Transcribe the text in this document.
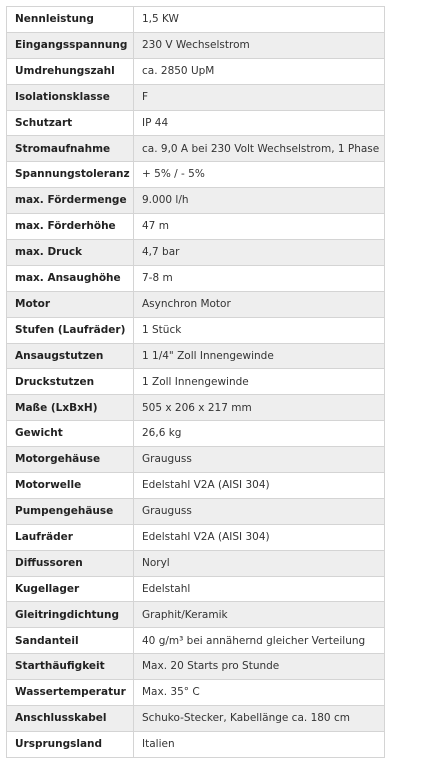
Nennleistung	1,5 KW
Eingangsspannung	230 V Wechselstrom
Umdrehungszahl	ca. 2850 UpM
Isolationsklasse	F
Schutzart	IP 44
Stromaufnahme	ca. 9,0 A bei 230 Volt Wechselstrom, 1 Phase
Spannungstoleranz	+ 5% / - 5%
max. Fördermenge	9.000 l/h
max. Förderhöhe	47 m
max. Druck	4,7 bar
max. Ansaughöhe	7-8 m
Motor	Asynchron Motor
Stufen (Laufräder)	1 Stück
Ansaugstutzen	1 1/4" Zoll Innengewinde
Druckstutzen	1 Zoll Innengewinde
Maße (LxBxH)	505 x 206 x 217 mm
Gewicht	26,6 kg
Motorgehäuse	Grauguss
Motorwelle	Edelstahl V2A (AISI 304)
Pumpengehäuse	Grauguss
Laufräder	Edelstahl V2A (AISI 304)
Diffussoren	Noryl
Kugellager	Edelstahl
Gleitringdichtung	Graphit/Keramik
Sandanteil	40 g/m³ bei annähernd gleicher Verteilung
Starthäufigkeit	Max. 20 Starts pro Stunde
Wassertemperatur	Max. 35° C
Anschlusskabel	Schuko-Stecker, Kabellänge ca. 180 cm
Ursprungsland	Italien
